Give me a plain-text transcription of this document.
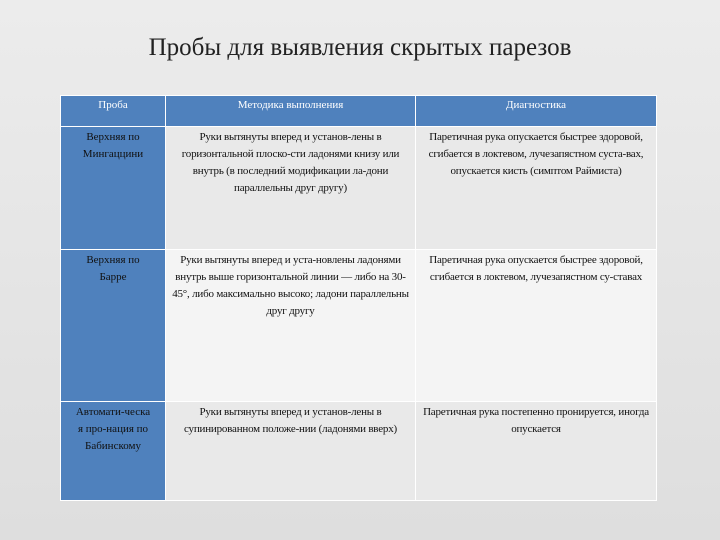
Пробы для выявления скрытых парезов
Проба	Методика выполнения	Диагностика
Верхняя по
Мингаццини	Руки вытянуты вперед и установ-лены в горизонтальной плоско-сти ладонями книзу или внутрь (в последний модификации ла-дони параллельны друг другу)	Паретичная рука опускается быстрее здоровой, сгибается в локтевом, лучезапястном суста-вах, опускается кисть (симптом Раймиста)
Верхняя по
Барре	Руки вытянуты вперед и уста-новлены ладонями внутрь выше горизонтальной линии — либо на 30-45°, либо максимально высоко; ладони параллельны друг другу	Паретичная рука опускается быстрее здоровой, сгибается в локтевом, лучезапястном су-ставах
Автомати-ческа
я про-нация по
Бабинскому	Руки вытянуты вперед и установ-лены в супинированном положе-нии (ладонями вверх)	Паретичная рука постепенно пронируется, иногда опускается
